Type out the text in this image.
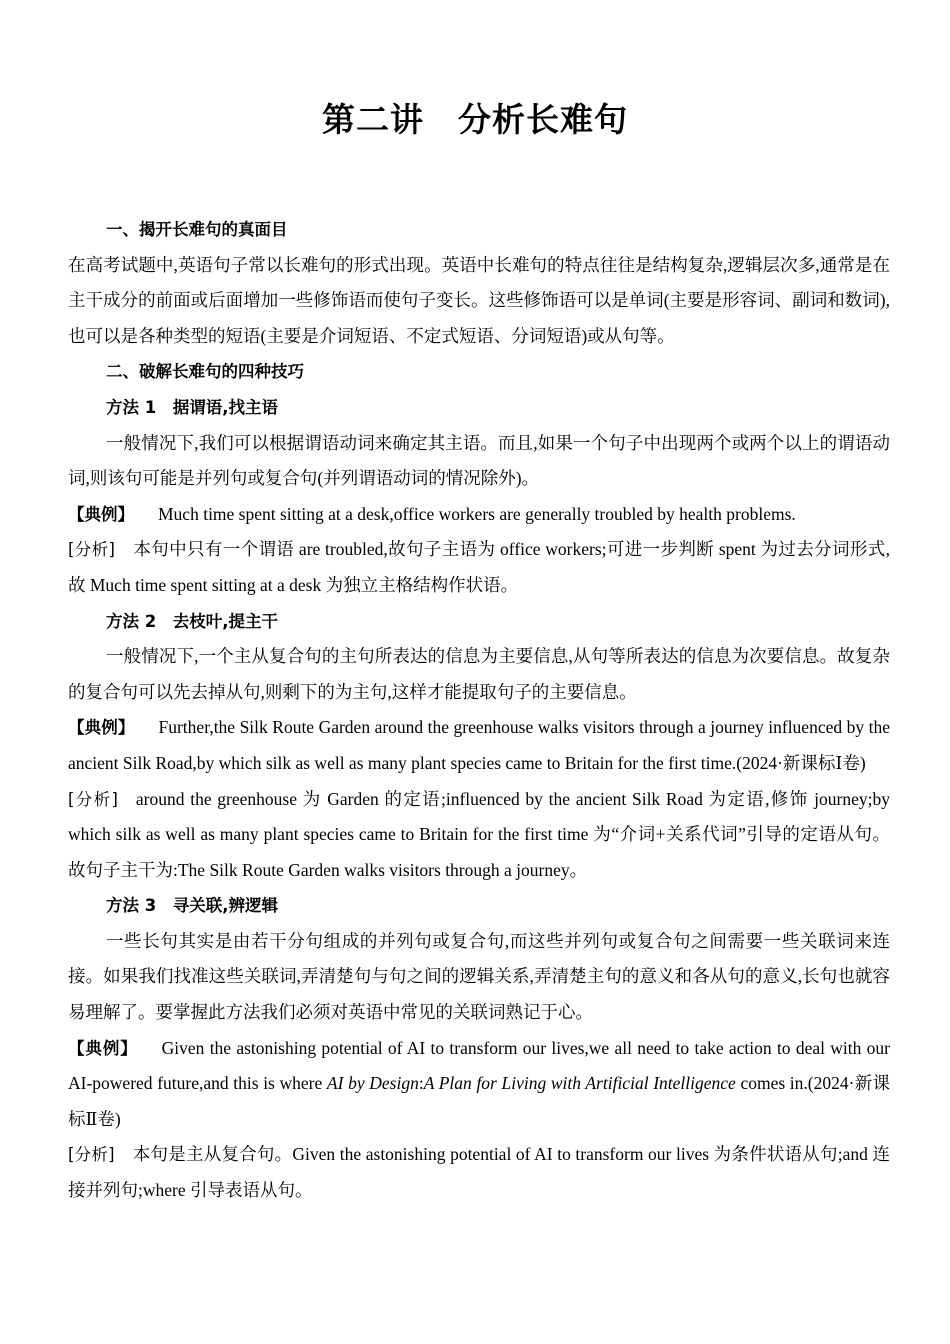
第二讲　分析长难句
一、揭开长难句的真面目
在高考试题中,英语句子常以长难句的形式出现。英语中长难句的特点往往是结构复杂,逻辑层次多,通常是在主干成分的前面或后面增加一些修饰语而使句子变长。这些修饰语可以是单词(主要是形容词、副词和数词),也可以是各种类型的短语(主要是介词短语、不定式短语、分词短语)或从句等。
二、破解长难句的四种技巧
方法 1　据谓语,找主语
一般情况下,我们可以根据谓语动词来确定其主语。而且,如果一个句子中出现两个或两个以上的谓语动词,则该句可能是并列句或复合句(并列谓语动词的情况除外)。
【典例】 Much time spent sitting at a desk,office workers are generally troubled by health problems.
[分析] 本句中只有一个谓语 are troubled,故句子主语为 office workers;可进一步判断 spent 为过去分词形式,故 Much time spent sitting at a desk 为独立主格结构作状语。
方法 2　去枝叶,提主干
一般情况下,一个主从复合句的主句所表达的信息为主要信息,从句等所表达的信息为次要信息。故复杂的复合句可以先去掉从句,则剩下的为主句,这样才能提取句子的主要信息。
【典例】 Further,the Silk Route Garden around the greenhouse walks visitors through a journey influenced by the ancient Silk Road,by which silk as well as many plant species came to Britain for the first time.(2024·新课标Ⅰ卷)
[分析] around the greenhouse 为 Garden 的定语;influenced by the ancient Silk Road 为定语,修饰 journey;by which silk as well as many plant species came to Britain for the first time 为“介词+关系代词”引导的定语从句。故句子主干为:The Silk Route Garden walks visitors through a journey。
方法 3　寻关联,辨逻辑
一些长句其实是由若干分句组成的并列句或复合句,而这些并列句或复合句之间需要一些关联词来连接。如果我们找准这些关联词,弄清楚句与句之间的逻辑关系,弄清楚主句的意义和各从句的意义,长句也就容易理解了。要掌握此方法我们必须对英语中常见的关联词熟记于心。
【典例】 Given the astonishing potential of AI to transform our lives,we all need to take action to deal with our AI-powered future,and this is where AI by Design:A Plan for Living with Artificial Intelligence comes in.(2024·新课标Ⅱ卷)
[分析] 本句是主从复合句。Given the astonishing potential of AI to transform our lives 为条件状语从句;and 连接并列句;where 引导表语从句。
